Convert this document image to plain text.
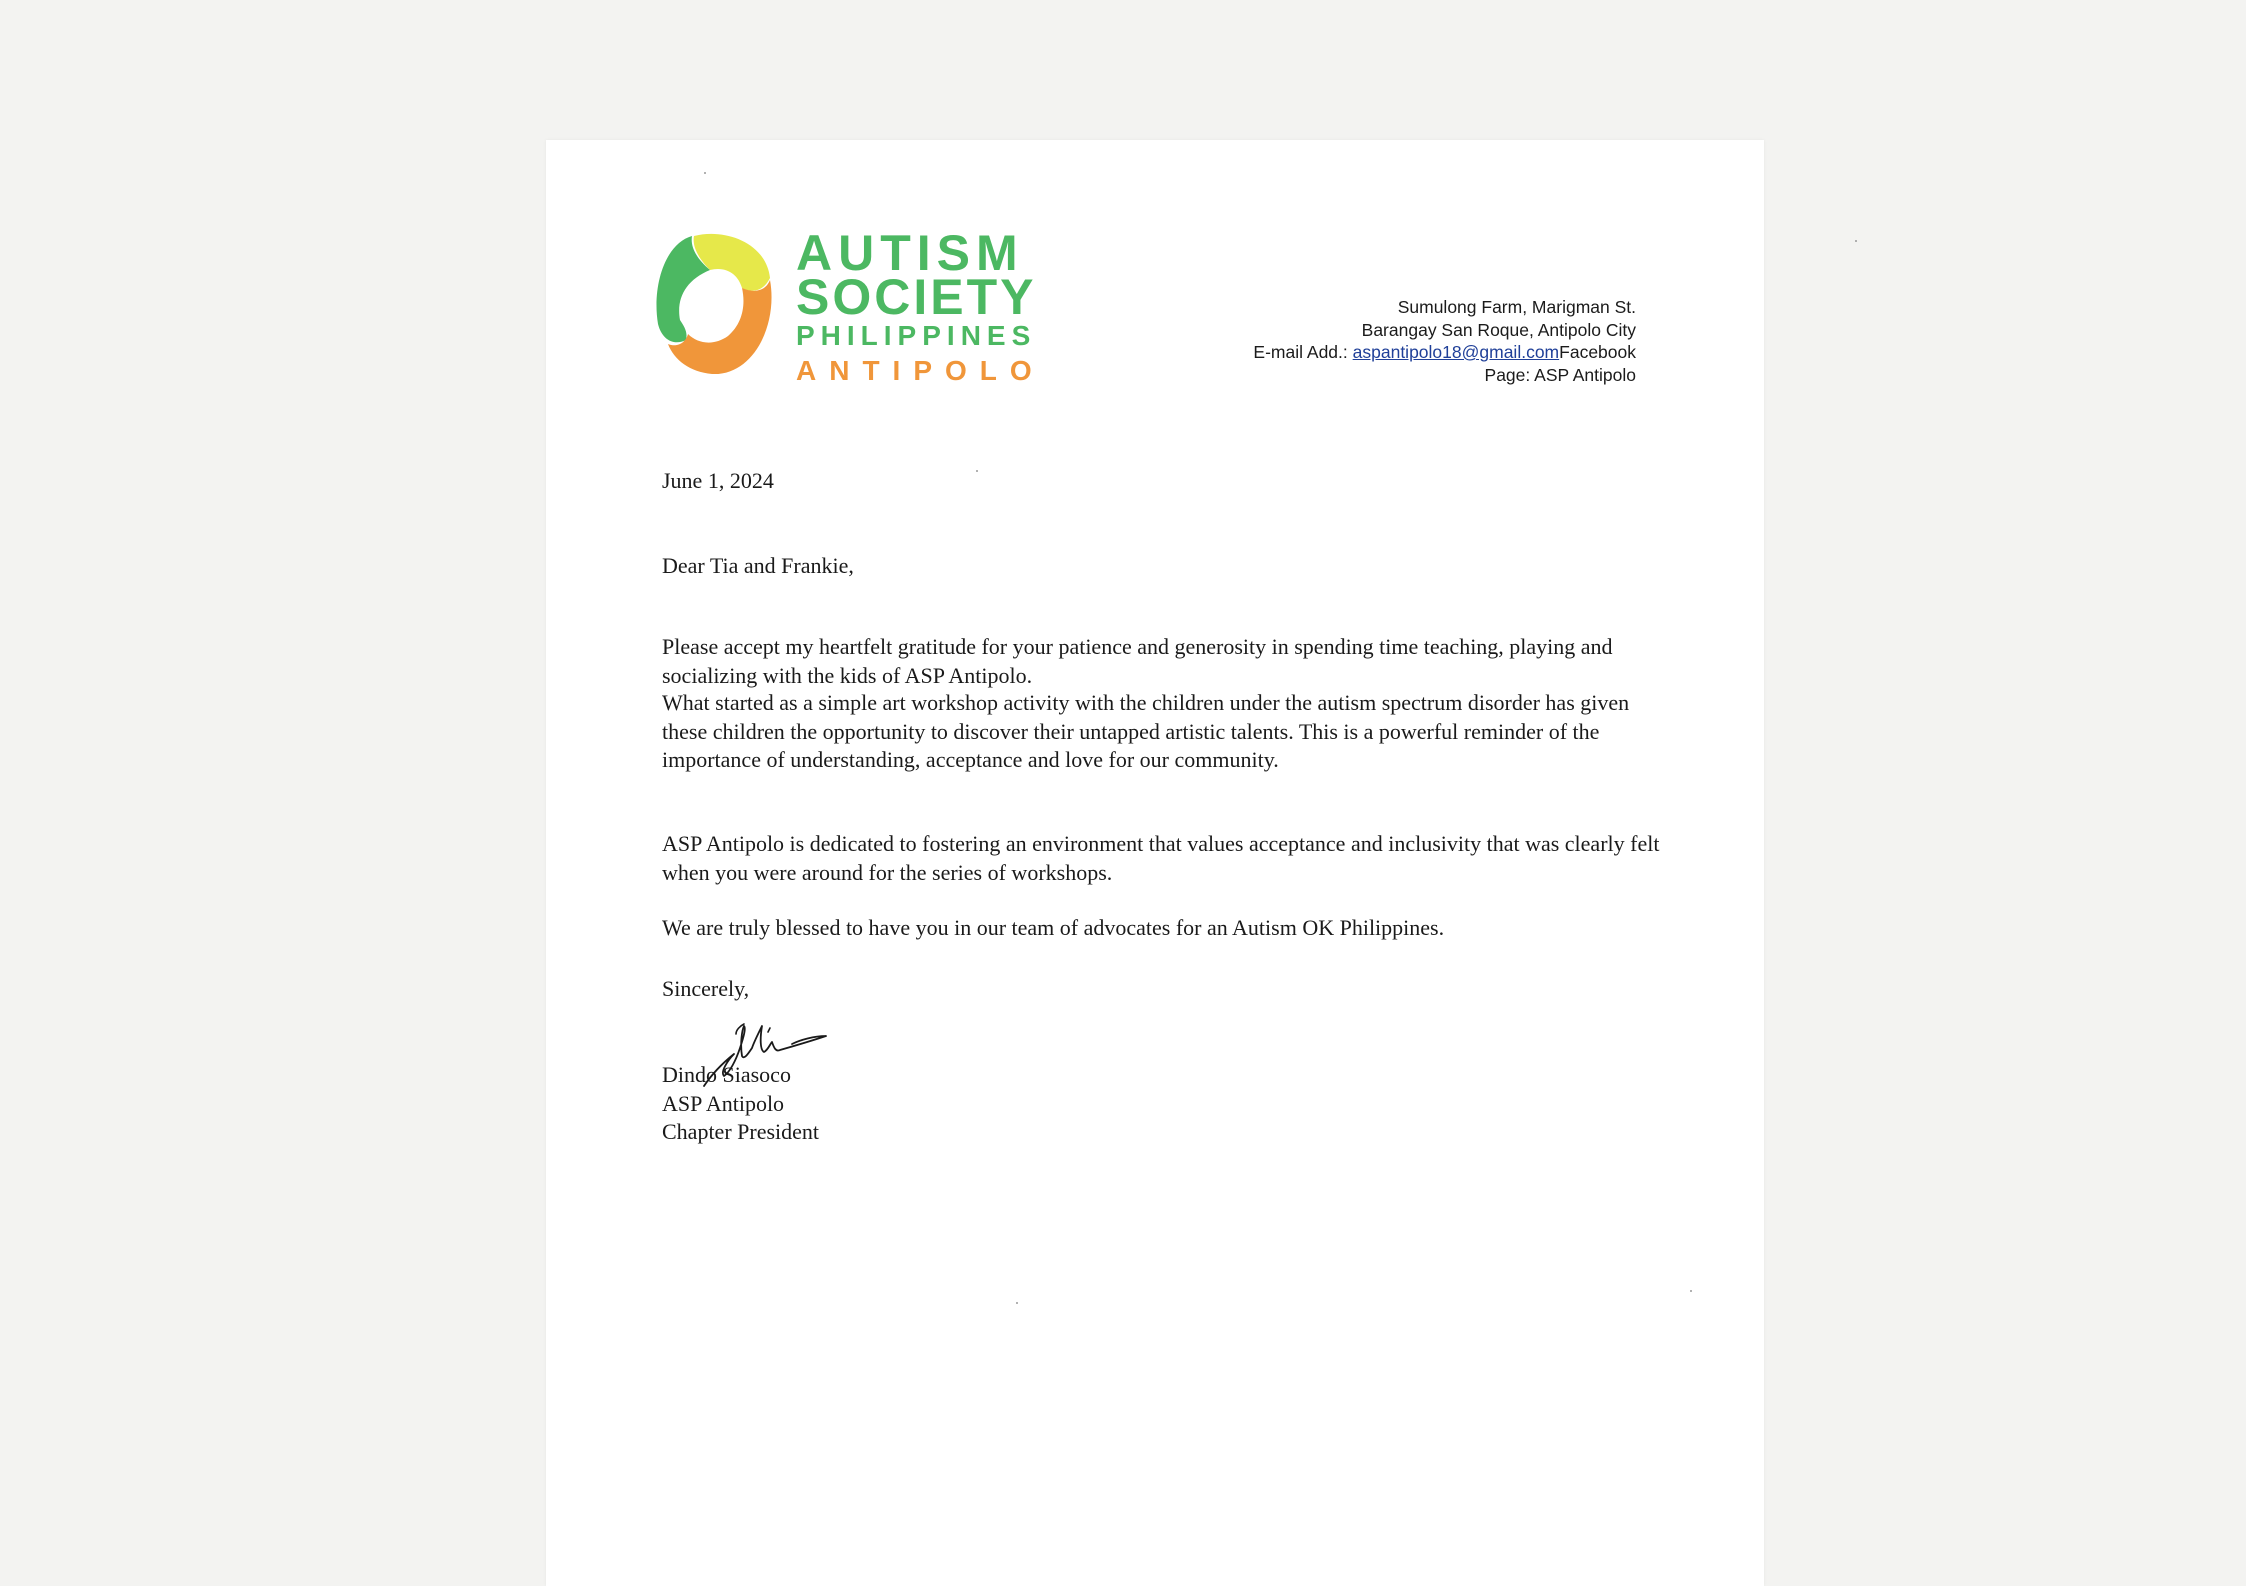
AUTISM
SOCIETY
PHILIPPINES
ANTIPOLO
Sumulong Farm, Marigman St.
Barangay San Roque, Antipolo City
E-mail Add.: aspantipolo18@gmail.comFacebook
Page: ASP Antipolo
June 1, 2024
Dear Tia and Frankie,

Please accept my heartfelt gratitude for your patience and generosity in spending time teaching, playing and socializing with the kids of ASP Antipolo.

What started as a simple art workshop activity with the children under the autism spectrum disorder has given these children the opportunity to discover their untapped artistic talents. This is a powerful reminder of the importance of understanding, acceptance and love for our community.

ASP Antipolo is dedicated to fostering an environment that values acceptance and inclusivity that was clearly felt when you were around for the series of workshops.

We are truly blessed to have you in our team of advocates for an Autism OK Philippines.

Sincerely,
Dindo Siasoco
ASP Antipolo
Chapter President
